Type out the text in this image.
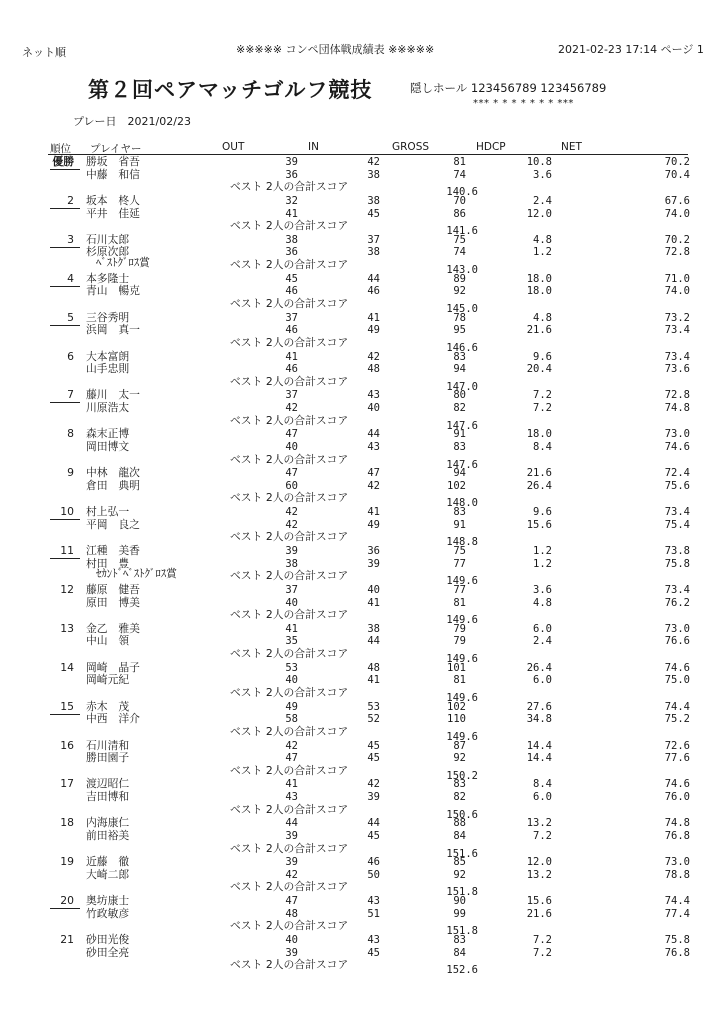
ネット順	※※※※※ コンペ団体戦成績表 ※※※※※	2021-02-23 17:14 ページ 1
第２回ペアマッチゴルフ競技	隠しホール 123456789 123456789
*** * * * * * * * ***
プレー日　2021/02/23
順位 プレイヤー	OUT	IN	GROSS	HDCP	NET
優勝 勝坂　省吾	39	42	81	10.8	70.2
中藤　和信	36	38	74	3.6	70.4
ベスト 2人の合計スコア	140.6
2 坂本　柊人	32	38	70	2.4	67.6
平井　佳延	41	45	86	12.0	74.0
ベスト 2人の合計スコア	141.6
3 石川太郎	38	37	75	4.8	70.2
杉原次郎	36	38	74	1.2	72.8
ﾍﾞｽﾄｸﾞﾛｽ賞	ベスト 2人の合計スコア	143.0
4 本多隆士	45	44	89	18.0	71.0
青山　暢克	46	46	92	18.0	74.0
ベスト 2人の合計スコア	145.0
5 三谷秀明	37	41	78	4.8	73.2
浜岡　真一	46	49	95	21.6	73.4
ベスト 2人の合計スコア	146.6
6 大本富朗	41	42	83	9.6	73.4
山手忠則	46	48	94	20.4	73.6
ベスト 2人の合計スコア	147.0
7 藤川　太一	37	43	80	7.2	72.8
川原浩太	42	40	82	7.2	74.8
ベスト 2人の合計スコア	147.6
8 森末正博	47	44	91	18.0	73.0
岡田博文	40	43	83	8.4	74.6
ベスト 2人の合計スコア	147.6
9 中林　龍次	47	47	94	21.6	72.4
倉田　典明	60	42	102	26.4	75.6
ベスト 2人の合計スコア	148.0
10 村上弘一	42	41	83	9.6	73.4
平岡　良之	42	49	91	15.6	75.4
ベスト 2人の合計スコア	148.8
11 江種　美香	39	36	75	1.2	73.8
村田　豊	38	39	77	1.2	75.8
ｾｶﾝﾄﾞﾍﾞｽﾄｸﾞﾛｽ賞	ベスト 2人の合計スコア	149.6
12 藤原　健吾	37	40	77	3.6	73.4
原田　博美	40	41	81	4.8	76.2
ベスト 2人の合計スコア	149.6
13 金乙　雅美	41	38	79	6.0	73.0
中山　領	35	44	79	2.4	76.6
ベスト 2人の合計スコア	149.6
14 岡崎　晶子	53	48	101	26.4	74.6
岡崎元紀	40	41	81	6.0	75.0
ベスト 2人の合計スコア	149.6
15 赤木　茂	49	53	102	27.6	74.4
中西　洋介	58	52	110	34.8	75.2
ベスト 2人の合計スコア	149.6
16 石川清和	42	45	87	14.4	72.6
勝田園子	47	45	92	14.4	77.6
ベスト 2人の合計スコア	150.2
17 渡辺昭仁	41	42	83	8.4	74.6
吉田博和	43	39	82	6.0	76.0
ベスト 2人の合計スコア	150.6
18 内海康仁	44	44	88	13.2	74.8
前田裕美	39	45	84	7.2	76.8
ベスト 2人の合計スコア	151.6
19 近藤　徹	39	46	85	12.0	73.0
大崎二郎	42	50	92	13.2	78.8
ベスト 2人の合計スコア	151.8
20 奥坊康士	47	43	90	15.6	74.4
竹政敏彦	48	51	99	21.6	77.4
ベスト 2人の合計スコア	151.8
21 砂田光俊	40	43	83	7.2	75.8
砂田全亮	39	45	84	7.2	76.8
ベスト 2人の合計スコア	152.6
